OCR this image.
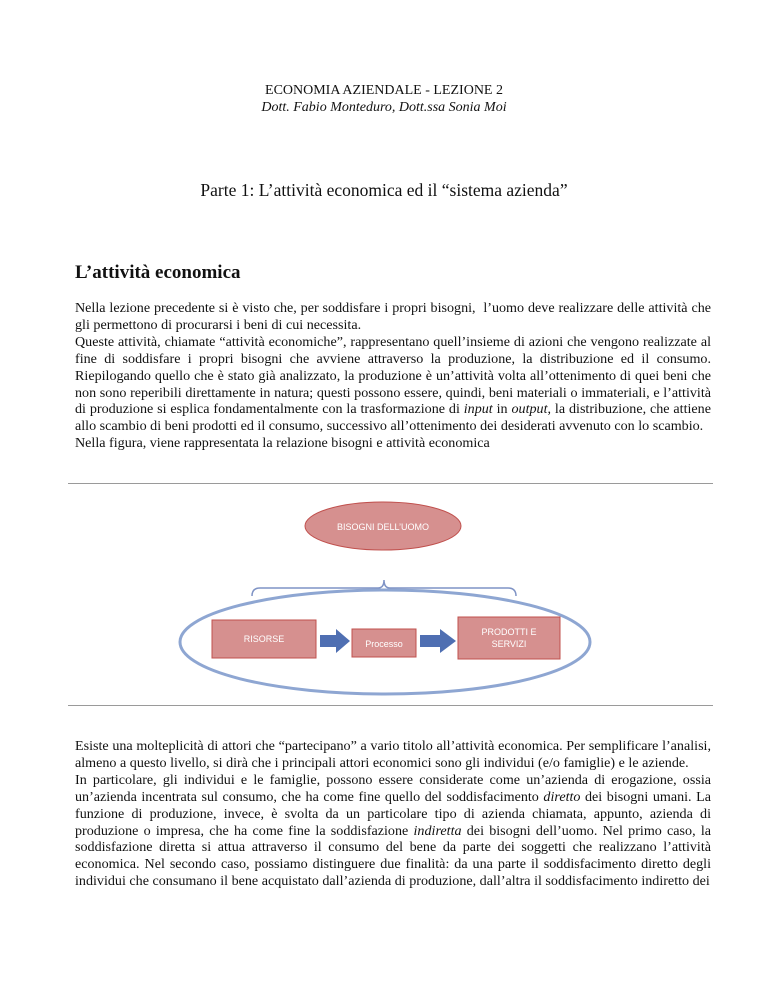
ECONOMIA AZIENDALE - LEZIONE 2
Dott. Fabio Monteduro, Dott.ssa Sonia Moi
Parte 1: L’attività economica ed il “sistema azienda”
L’attività economica

Nella lezione precedente si è visto che, per soddisfare i propri bisogni,  l’uomo deve realizzare delle attività che gli permettono di procurarsi i beni di cui necessita.

Queste attività, chiamate “attività economiche”, rappresentano quell’insieme di azioni che vengono realizzate al fine di soddisfare i propri bisogni che avviene attraverso la produzione, la distribuzione ed il consumo. Riepilogando quello che è stato già analizzato, la produzione è un’attività volta all’ottenimento di quei beni che non sono reperibili direttamente in natura; questi possono essere, quindi, beni materiali o immateriali, e l’attività di produzione si esplica fondamentalmente con la trasformazione di input in output, la distribuzione, che attiene allo scambio di beni prodotti ed il consumo, successivo all’ottenimento dei desiderati avvenuto con lo scambio.

Nella figura, viene rappresentata la relazione bisogni e attività economica

BISOGNI DELL’UOMO
RISORSE	Processo
PRODOTTI E
SERVIZI

Esiste una molteplicità di attori che “partecipano” a vario titolo all’attività economica. Per semplificare l’analisi, almeno a questo livello, si dirà che i principali attori economici sono gli individui (e/o famiglie) e le aziende.

In particolare, gli individui e le famiglie, possono essere considerate come un’azienda di erogazione, ossia un’azienda incentrata sul consumo, che ha come fine quello del soddisfacimento diretto dei bisogni umani. La funzione di produzione, invece, è svolta da un particolare tipo di azienda chiamata, appunto, azienda di produzione o impresa, che ha come fine la soddisfazione indiretta dei bisogni dell’uomo. Nel primo caso, la soddisfazione diretta si attua attraverso il consumo del bene da parte dei soggetti che realizzano l’attività economica. Nel secondo caso, possiamo distinguere due finalità: da una parte il soddisfacimento diretto degli individui che consumano il bene acquistato dall’azienda di produzione, dall’altra il soddisfacimento indiretto dei
